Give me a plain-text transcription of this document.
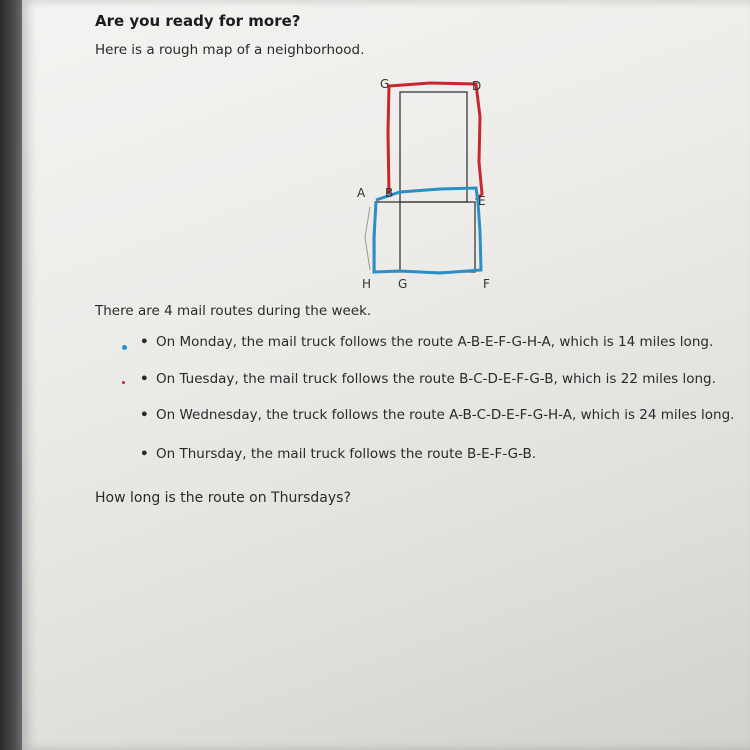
Are you ready for more?
Here is a rough map of a neighborhood.
G	D
A B
E
H G	F
There are 4 mail routes during the week.
• On Monday, the mail truck follows the route A-B-E-F-G-H-A, which is 14 miles long.
• On Tuesday, the mail truck follows the route B-C-D-E-F-G-B, which is 22 miles long.
• On Wednesday, the truck follows the route A-B-C-D-E-F-G-H-A, which is 24 miles long.
• On Thursday, the mail truck follows the route B-E-F-G-B.
How long is the route on Thursdays?
